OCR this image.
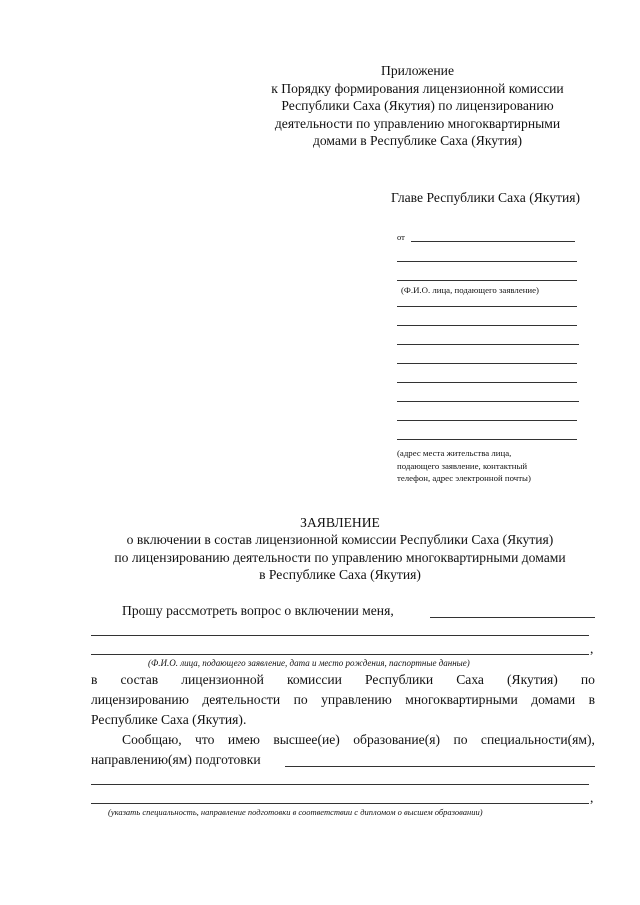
Приложение
к Порядку формирования лицензионной комиссии
Республики Саха (Якутия) по лицензированию
деятельности по управлению многоквартирными
домами в Республике Саха (Якутия)
Главе Республики Саха (Якутия)
от
(Ф.И.О. лица, подающего заявление)
(адрес места жительства лица,
подающего заявление, контактный
телефон, адрес электронной почты)
ЗАЯВЛЕНИЕ
о включении в состав лицензионной комиссии Республики Саха (Якутия)
по лицензированию деятельности по управлению многоквартирными домами
в Республике Саха (Якутия)
Прошу рассмотреть вопрос о включении меня,
,
(Ф.И.О. лица, подающего заявление, дата и место рождения, паспортные данные)
в состав лицензионной комиссии Республики Саха (Якутия) по
лицензированию деятельности по управлению многоквартирными домами в
Республике Саха (Якутия).
Сообщаю, что имею высшее(ие) образование(я) по специальности(ям),
направлению(ям) подготовки
,
(указать специальность, направление подготовки в соответствии с дипломом о высшем образовании)
